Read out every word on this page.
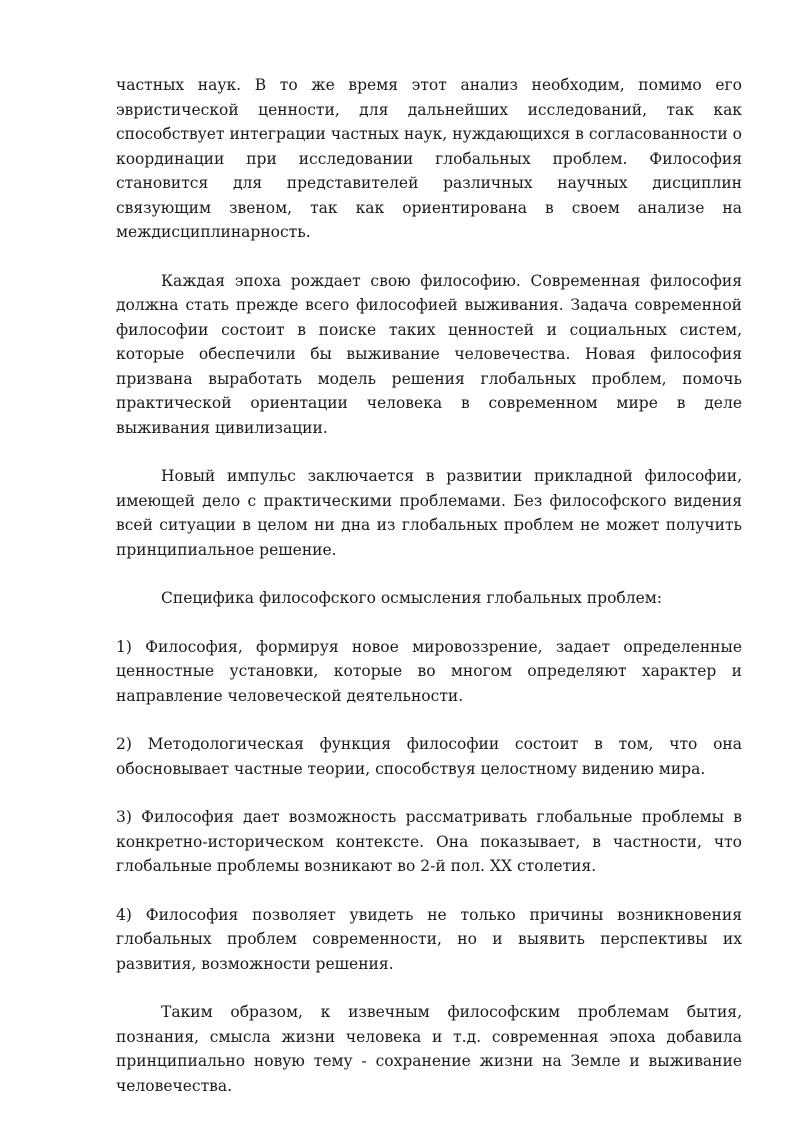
частных наук. В то же время этот анализ необходим, помимо его эвристической ценности, для дальнейших исследований, так как способствует интеграции частных наук, нуждающихся в согласованности о координации при исследовании глобальных проблем. Философия становится для представителей различных научных дисциплин связующим звеном, так как ориентирована в своем анализе на междисциплинарность.

Каждая эпоха рождает свою философию. Современная философия должна стать прежде всего философией выживания. Задача современной философии состоит в поиске таких ценностей и социальных систем, которые обеспечили бы выживание человечества. Новая философия призвана выработать модель решения глобальных проблем, помочь практической ориентации человека в современном мире в деле выживания цивилизации.

Новый импульс заключается в развитии прикладной философии, имеющей дело с практическими проблемами. Без философского видения всей ситуации в целом ни дна из глобальных проблем не может получить принципиальное решение.

Специфика философского осмысления глобальных проблем:

1) Философия, формируя новое мировоззрение, задает определенные ценностные установки, которые во многом определяют характер и направление человеческой деятельности.

2) Методологическая функция философии состоит в том, что она обосновывает частные теории, способствуя целостному видению мира.

3) Философия дает возможность рассматривать глобальные проблемы в конкретно-историческом контексте. Она показывает, в частности, что глобальные проблемы возникают во 2-й пол. XX столетия.

4) Философия позволяет увидеть не только причины возникновения глобальных проблем современности, но и выявить перспективы их развития, возможности решения.

Таким образом, к извечным философским проблемам бытия, познания, смысла жизни человека и т.д. современная эпоха добавила принципиально новую тему - сохранение жизни на Земле и выживание человечества.
